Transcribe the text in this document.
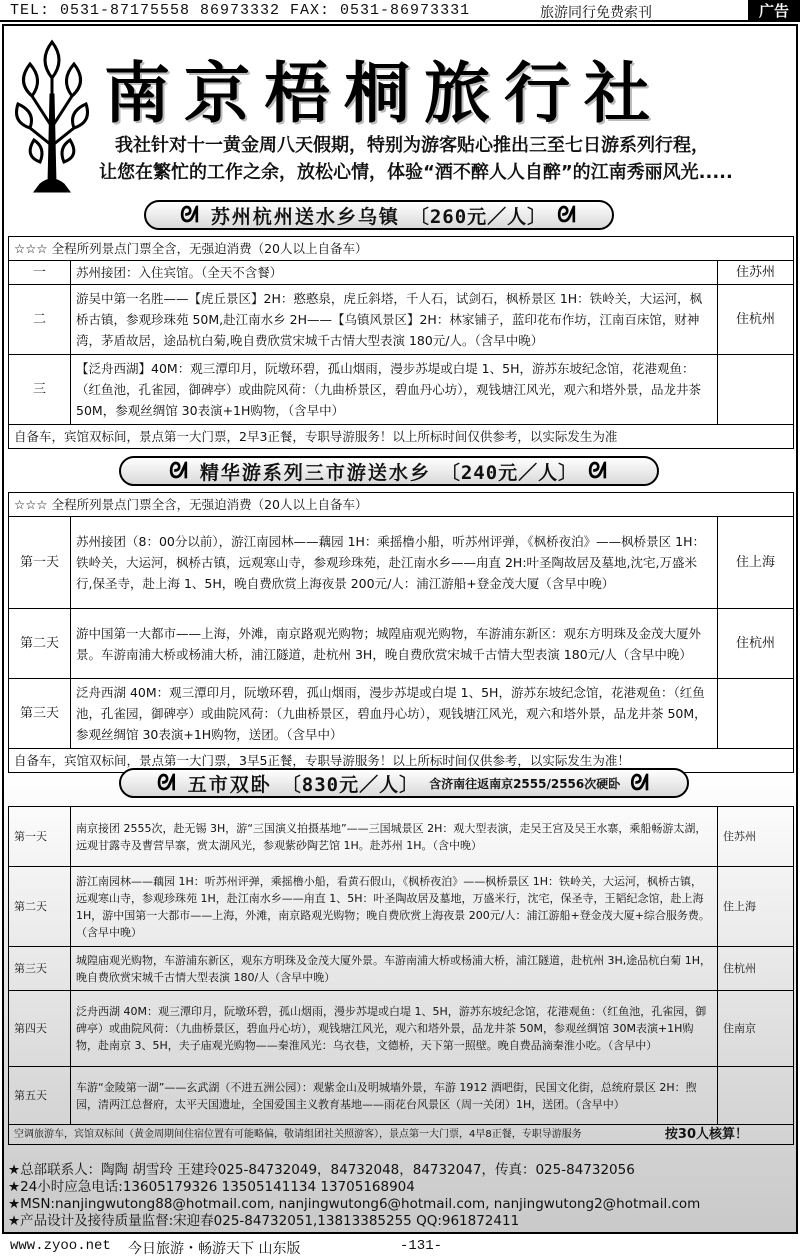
TEL: 0531-87175558 86973332 FAX: 0531-86973331	旅游同行免费索刊	广告
南京梧桐旅行社

我社针对十一黄金周八天假期，特别为游客贴心推出三至七日游系列行程，

让您在繁忙的工作之余，放松心情，体验“酒不醉人人自醉”的江南秀丽风光.....

ᘛ 苏州杭州送水乡乌镇 〔260元／人〕 ᘛ
☆☆☆ 全程所列景点门票全含，无强迫消费（20人以上自备车）		
一	苏州接团：入住宾馆。（全天不含餐）	住苏州
二	游吴中第一名胜——【虎丘景区】2H：憨憨泉，虎丘斜塔，千人石，试剑石，枫桥景区 1H：铁岭关，大运河，枫桥古镇，参观珍珠苑 50M,赴江南水乡 2H——【乌镇风景区】2H：林家铺子，蓝印花布作坊，江南百床馆，财神湾，茅盾故居，途品杭白菊,晚自费欣赏宋城千古情大型表演 180元/人。（含早中晚）	住杭州
三	【泛舟西湖】40M：观三潭印月，阮墩环碧，孤山烟雨，漫步苏堤或白堤 1、5H，游苏东坡纪念馆，花港观鱼：（红鱼池，孔雀园，御碑亭）或曲院风荷：（九曲桥景区，碧血丹心坊），观钱塘江风光，观六和塔外景，品龙井茶 50M，参观丝绸馆 30表演+1H购物，（含早中）	
自备车，宾馆双标间，景点第一大门票，2早3正餐，专职导游服务！以上所标时间仅供参考，以实际发生为准		
ᘛ 精华游系列三市游送水乡 〔240元／人〕 ᘛ
☆☆☆ 全程所列景点门票全含，无强迫消费（20人以上自备车）		
第一天	苏州接团（8：00分以前），游江南园林——藕园 1H：乘摇橹小船，听苏州评弹，《枫桥夜泊》——枫桥景区 1H：铁岭关，大运河，枫桥古镇，远观寒山寺，参观珍珠苑，赴江南水乡——甪直 2H:叶圣陶故居及墓地,沈宅,万盛米行,保圣寺，赴上海 1、5H，晚自费欣赏上海夜景 200元/人：浦江游船+登金茂大厦（含早中晚）	住上海
第二天	游中国第一大都市——上海，外滩，南京路观光购物；城隍庙观光购物，车游浦东新区：观东方明珠及金茂大厦外景。车游南浦大桥或杨浦大桥，浦江隧道，赴杭州 3H，晚自费欣赏宋城千古情大型表演 180元/人（含早中晚）	住杭州
第三天	泛舟西湖 40M：观三潭印月，阮墩环碧，孤山烟雨，漫步苏堤或白堤 1、5H，游苏东坡纪念馆，花港观鱼：（红鱼池，孔雀园，御碑亭）或曲院风荷：（九曲桥景区，碧血丹心坊），观钱塘江风光，观六和塔外景，品龙井茶 50M，参观丝绸馆 30表演+1H购物，送团。（含早中）	
自备车，宾馆双标间，景点第一大门票，3早5正餐，专职导游服务！以上所标时间仅供参考，以实际发生为准！		
ᘛ 五市双卧 〔830元／人〕 含济南往返南京2555/2556次硬卧 ᘛ
第一天	南京接团 2555次，赴无锡 3H，游“三国演义拍摄基地”——三国城景区 2H：观大型表演，走吴王宫及吴王水寨，乘船畅游太湖，远观甘露寺及曹营旱寨，赏太湖风光，参观紫砂陶艺馆 1H。赴苏州 1H。（含中晚）	住苏州
第二天	游江南园林——藕园 1H：听苏州评弹，乘摇橹小船，看黄石假山，《枫桥夜泊》——枫桥景区 1H：铁岭关，大运河，枫桥古镇，远观寒山寺，参观珍珠苑 1H，赴江南水乡——甪直 1、5H：叶圣陶故居及墓地，万盛米行，沈宅，保圣寺，王韬纪念馆，赴上海 1H，游中国第一大都市——上海，外滩，南京路观光购物；晚自费欣赏上海夜景 200元/人：浦江游船+登金茂大厦+综合服务费。（含早中晚）	住上海
第三天	城隍庙观光购物，车游浦东新区，观东方明珠及金茂大厦外景。车游南浦大桥或杨浦大桥，浦江隧道，赴杭州 3H,途品杭白菊 1H，晚自费欣赏宋城千古情大型表演 180/人（含早中晚）	住杭州
第四天	泛舟西湖 40M：观三潭印月，阮墩环碧，孤山烟雨，漫步苏堤或白堤 1、5H，游苏东坡纪念馆，花港观鱼：（红鱼池，孔雀园，御碑亭）或曲院风荷：（九曲桥景区，碧血丹心坊），观钱塘江风光，观六和塔外景，品龙井茶 50M，参观丝绸馆 30M表演+1H购物，赴南京 3、5H，夫子庙观光购物——秦淮风光：乌衣巷，文德桥，天下第一照壁。晚自费品滴秦淮小吃。（含早中）	住南京
第五天	车游“金陵第一湖”——玄武湖（不进五洲公园）：观紫金山及明城墙外景，车游 1912 酒吧街，民国文化街，总统府景区 2H：煦园，清两江总督府，太平天国遗址，全国爱国主义教育基地——雨花台风景区（周一关闭）1H，送团。（含早中）	
空调旅游车，宾馆双标间（黄金周期间住宿位置有可能略偏，敬请组团社关照游客），景点第一大门票，4早8正餐，专职导游服务 按30人核算！		
★总部联系人：陶陶 胡雪玲 王建玲025-84732049，84732048，84732047，传真：025-84732056
★24小时应急电话:13605179326 13505141134 13705168904
★MSN:nanjingwutong88@hotmail.com, nanjingwutong6@hotmail.com, nanjingwutong2@hotmail.com
★产品设计及接待质量监督:宋迎春025-84732051,13813385255 QQ:961872411
www.zyoo.net 今日旅游・畅游天下 山东版	-131-
